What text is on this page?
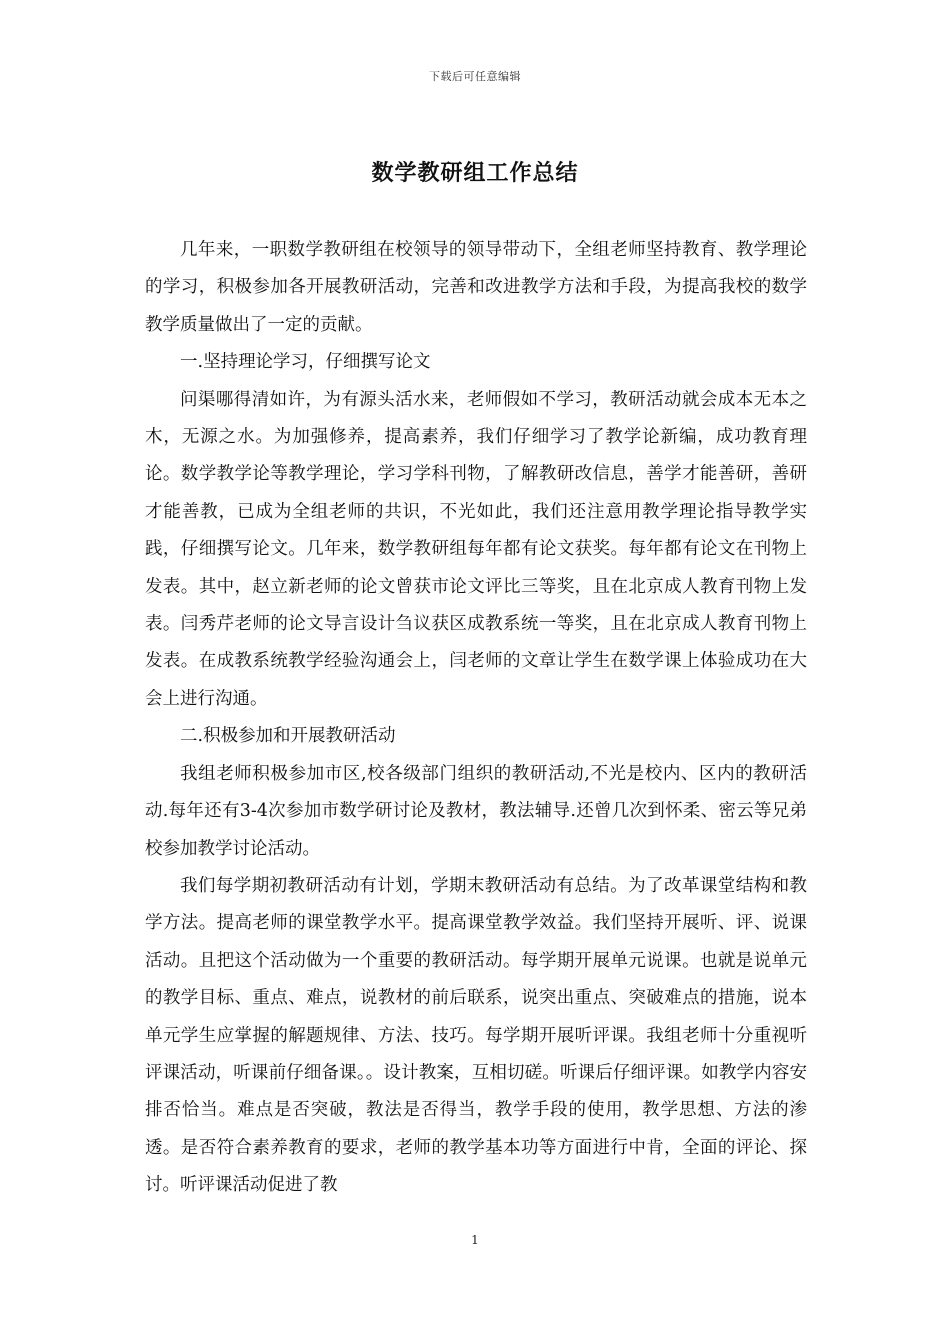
下载后可任意编辑
数学教研组工作总结

几年来，一职数学教研组在校领导的领导带动下，全组老师坚持教育、教学理论的学习，积极参加各开展教研活动，完善和改进教学方法和手段，为提高我校的数学教学质量做出了一定的贡献。

一.坚持理论学习，仔细撰写论文

问渠哪得清如许，为有源头活水来，老师假如不学习，教研活动就会成本无本之木，无源之水。为加强修养，提高素养，我们仔细学习了教学论新编，成功教育理论。数学教学论等教学理论，学习学科刊物，了解教研改信息，善学才能善研，善研才能善教，已成为全组老师的共识，不光如此，我们还注意用教学理论指导教学实践，仔细撰写论文。几年来，数学教研组每年都有论文获奖。每年都有论文在刊物上发表。其中，赵立新老师的论文曾获市论文评比三等奖，且在北京成人教育刊物上发表。闫秀芹老师的论文导言设计刍议获区成教系统一等奖，且在北京成人教育刊物上发表。在成教系统教学经验沟通会上，闫老师的文章让学生在数学课上体验成功在大会上进行沟通。

二.积极参加和开展教研活动

我组老师积极参加市区,校各级部门组织的教研活动,不光是校内、区内的教研活动.每年还有3-4次参加市数学研讨论及教材，教法辅导.还曾几次到怀柔、密云等兄弟校参加教学讨论活动。

我们每学期初教研活动有计划，学期末教研活动有总结。为了改革课堂结构和教学方法。提高老师的课堂教学水平。提高课堂教学效益。我们坚持开展听、评、说课活动。且把这个活动做为一个重要的教研活动。每学期开展单元说课。也就是说单元的教学目标、重点、难点，说教材的前后联系，说突出重点、突破难点的措施，说本单元学生应掌握的解题规律、方法、技巧。每学期开展听评课。我组老师十分重视听评课活动，听课前仔细备课。。设计教案，互相切磋。听课后仔细评课。如教学内容安排否恰当。难点是否突破，教法是否得当，教学手段的使用，教学思想、方法的渗透。是否符合素养教育的要求，老师的教学基本功等方面进行中肯，全面的评论、探讨。听评课活动促进了教

1
